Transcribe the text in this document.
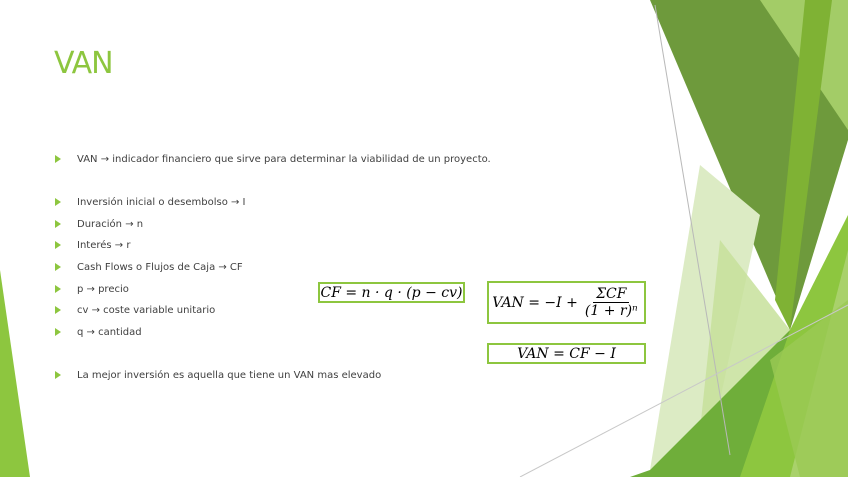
VAN
VAN → indicador financiero que sirve para determinar la viabilidad de un proyecto.
Inversión inicial o desembolso → I
Duración → n
Interés → r
Cash Flows o Flujos de Caja → CF
p → precio
cv → coste variable unitario
q → cantidad
La mejor inversión es aquella que tiene un VAN mas elevado
CF = n · q · (p − cv)
VAN = $-I + \frac{\text{ΣCF}}{\text{(1 + r)ⁿ}}$
VAN = CF − I
